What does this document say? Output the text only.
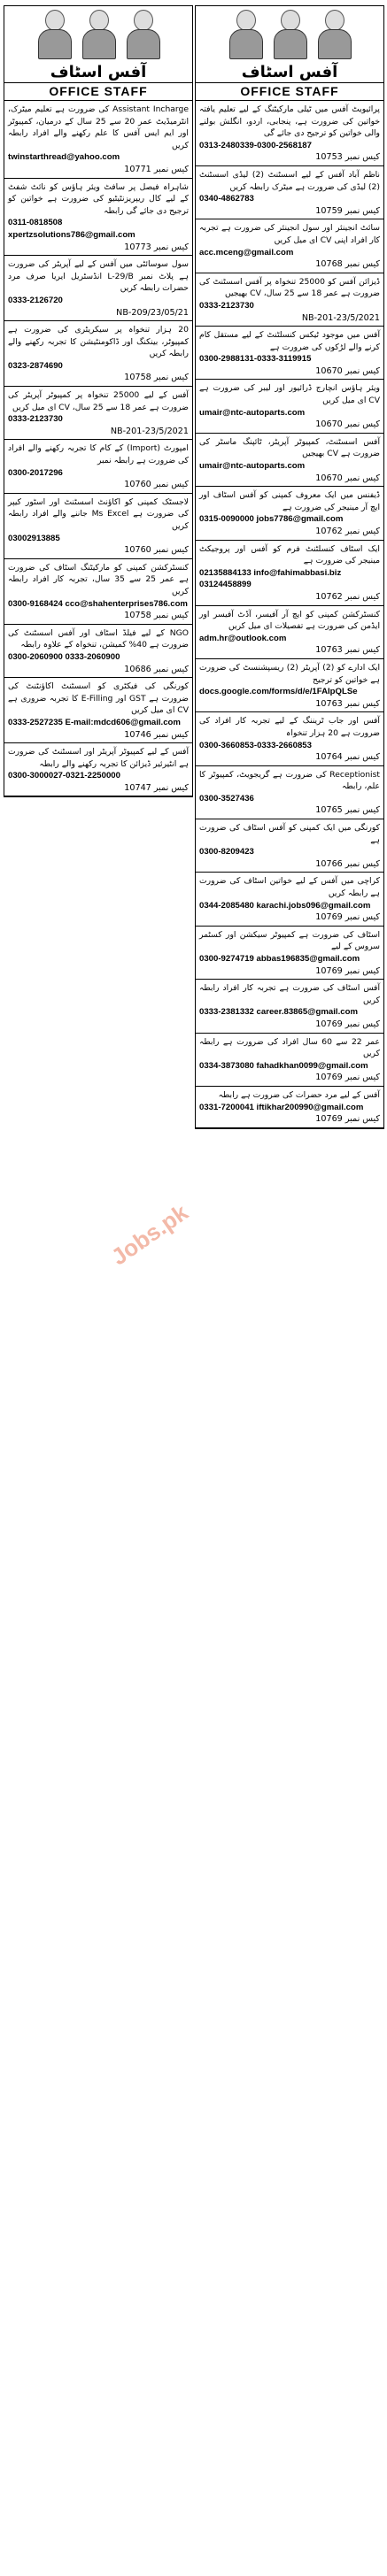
Jobs.pk
آفس اسٹاف
OFFICE STAFF
Assistant Incharge کی ضرورت ہے تعلیم میٹرک، انٹرمیڈیٹ عمر 20 سے 25 سال کے درمیان، کمپیوٹر اور ایم ایس آفس کا علم رکھنے والے افراد رابطہ کریں
twinstarthread@yahoo.com
کیس نمبر 10771
شاہراہ فیصل پر سافٹ ویئر ہاؤس کو نائٹ شفٹ کے لیے کال ریپریزنٹیٹیو کی ضرورت ہے خواتین کو ترجیح دی جائے گی رابطہ
0311-0818508 xpertzsolutions786@gmail.com
کیس نمبر 10773
سول سوسائٹی میں آفس کے لیے آپریٹر کی ضرورت ہے پلاٹ نمبر L-29/B انڈسٹریل ایریا صرف مرد حضرات رابطہ کریں
0333-2126720
NB-209/23/05/21
20 ہزار تنخواہ پر سیکریٹری کی ضرورت ہے کمپیوٹر، بینکنگ اور ڈاکومنٹیشن کا تجربہ رکھنے والے رابطہ کریں
0323-2874690
کیس نمبر 10758
آفس کے لیے 25000 تنخواہ پر کمپیوٹر آپریٹر کی ضرورت ہے عمر 18 سے 25 سال، CV ای میل کریں
0333-2123730
NB-201-23/5/2021
امپورٹ (Import) کے کام کا تجربہ رکھنے والے افراد کی ضرورت ہے رابطہ نمبر
0300-2017296
کیس نمبر 10760
لاجسٹک کمپنی کو اکاؤنٹ اسسٹنٹ اور اسٹور کیپر کی ضرورت ہے Ms Excel جاننے والے افراد رابطہ کریں
03002913885
کیس نمبر 10760
کنسٹرکشن کمپنی کو مارکیٹنگ اسٹاف کی ضرورت ہے عمر 25 سے 35 سال، تجربہ کار افراد رابطہ کریں
0300-9168424 cco@shahenterprises786.com
کیس نمبر 10758
NGO کے لیے فیلڈ اسٹاف اور آفس اسسٹنٹ کی ضرورت ہے 40% کمیشن، تنخواہ کے علاوہ رابطہ
0300-2060900 0333-2060900
کیس نمبر 10686
کورنگی کی فیکٹری کو اسسٹنٹ اکاؤنٹنٹ کی ضرورت ہے GST اور E-Filling کا تجربہ ضروری ہے CV ای میل کریں
0333-2527235 E-mail:mdcd606@gmail.com
کیس نمبر 10746
آفس کے لیے کمپیوٹر آپریٹر اور اسسٹنٹ کی ضرورت ہے انٹیرئیر ڈیزائن کا تجربہ رکھنے والے رابطہ
0300-3000027-0321-2250000
کیس نمبر 10747
آفس اسٹاف
OFFICE STAFF
پرائیویٹ آفس میں ٹیلی مارکیٹنگ کے لیے تعلیم یافتہ خواتین کی ضرورت ہے، پنجابی، اردو، انگلش بولنے والی خواتین کو ترجیح دی جائے گی
0313-2480339-0300-2568187
کیس نمبر 10753
ناظم آباد آفس کے لیے اسسٹنٹ (2) لیڈی اسسٹنٹ (2) لیڈی کی ضرورت ہے میٹرک رابطہ کریں
0340-4862783
کیس نمبر 10759
سائٹ انجینئر اور سول انجینئر کی ضرورت ہے تجربہ کار افراد اپنی CV ای میل کریں
acc.mceng@gmail.com
کیس نمبر 10768
ڈیزائن آفس کو 25000 تنخواہ پر آفس اسسٹنٹ کی ضرورت ہے عمر 18 سے 25 سال، CV بھیجیں
0333-2123730
NB-201-23/5/2021
آفس میں موجود ٹیکس کنسلٹنٹ کے لیے مستقل کام کرنے والے لڑکوں کی ضرورت ہے
0300-2988131-0333-3119915
کیس نمبر 10670
ویئر ہاؤس انچارج ڈرائیور اور لیبر کی ضرورت ہے CV ای میل کریں
umair@ntc-autoparts.com
کیس نمبر 10670
آفس اسسٹنٹ، کمپیوٹر آپریٹر، ٹائپنگ ماسٹر کی ضرورت ہے CV بھیجیں
umair@ntc-autoparts.com
کیس نمبر 10670
ڈیفنس میں ایک معروف کمپنی کو آفس اسٹاف اور ایچ آر مینیجر کی ضرورت ہے
0315-0090000 jobs7786@gmail.com
کیس نمبر 10762
ایک اسٹاف کنسلٹنٹ فرم کو آفس اور پروجیکٹ مینیجر کی ضرورت ہے
02135884133 info@fahimabbasi.biz 03124458899
کیس نمبر 10762
کنسٹرکشن کمپنی کو ایچ آر آفیسر، آڈٹ آفیسر اور ایڈمن کی ضرورت ہے تفصیلات ای میل کریں
adm.hr@outlook.com
کیس نمبر 10763
ایک ادارے کو (2) آپریٹر (2) ریسپشنسٹ کی ضرورت ہے خواتین کو ترجیح
docs.google.com/forms/d/e/1FAIpQLSe
کیس نمبر 10763
آفس اور جاب ٹریننگ کے لیے تجربہ کار افراد کی ضرورت ہے 20 ہزار تنخواہ
0300-3660853-0333-2660853
کیس نمبر 10764
Receptionist کی ضرورت ہے گریجویٹ، کمپیوٹر کا علم، رابطہ
0300-3527436
کیس نمبر 10765
کورنگی میں ایک کمپنی کو آفس اسٹاف کی ضرورت ہے
0300-8209423
کیس نمبر 10766
کراچی میں آفس کے لیے خواتین اسٹاف کی ضرورت ہے رابطہ کریں
0344-2085480 karachi.jobs096@gmail.com
کیس نمبر 10769
اسٹاف کی ضرورت ہے کمپیوٹر سیکشن اور کسٹمر سروس کے لیے
0300-9274719 abbas196835@gmail.com
کیس نمبر 10769
آفس اسٹاف کی ضرورت ہے تجربہ کار افراد رابطہ کریں
0333-2381332 career.83865@gmail.com
کیس نمبر 10769
عمر 22 سے 60 سال افراد کی ضرورت ہے رابطہ کریں
0334-3873080 fahadkhan0099@gmail.com
کیس نمبر 10769
آفس کے لیے مرد حضرات کی ضرورت ہے رابطہ
0331-7200041 iftikhar200990@gmail.com
کیس نمبر 10769
